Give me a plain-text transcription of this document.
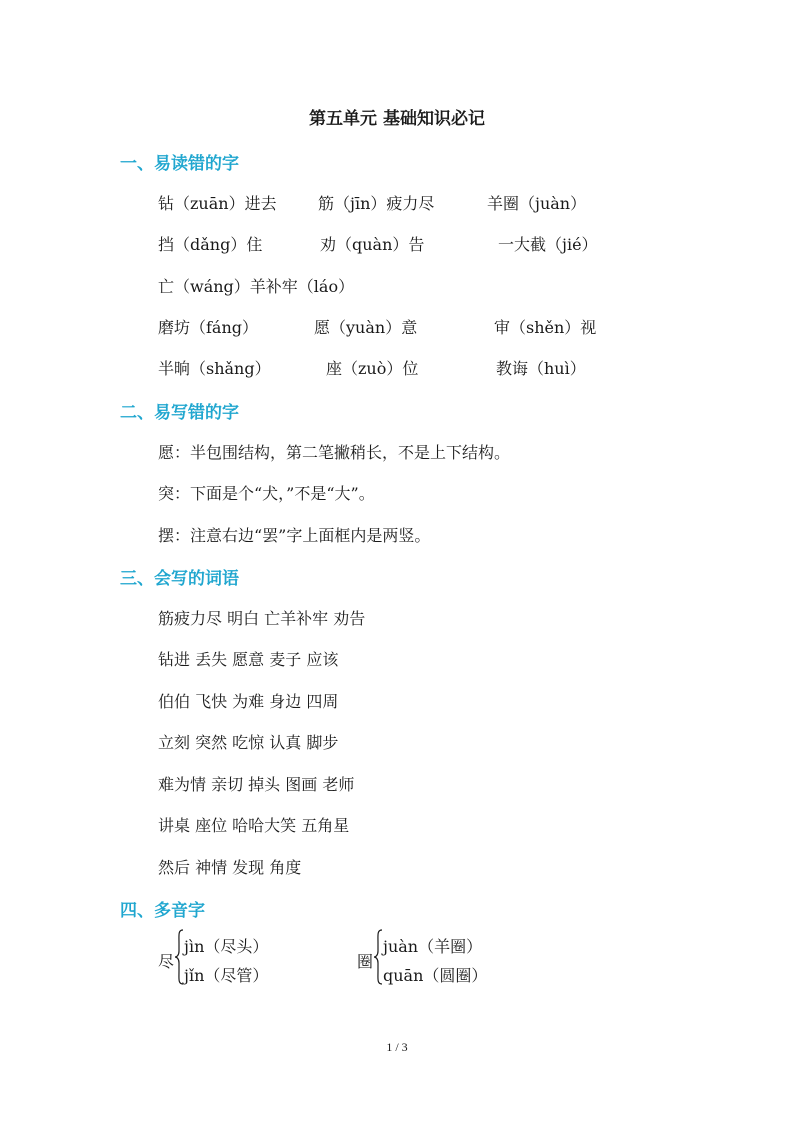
第五单元 基础知识必记
一、易读错的字
钻（zuān）进去	筋（jīn）疲力尽	羊圈（juàn）
挡（dǎng）住	劝（quàn）告	一大截（jié）
亡（wáng）羊补牢（láo）
磨坊（fáng）	愿（yuàn）意	审（shěn）视
半晌（shǎng）	座（zuò）位	教诲（huì）
二、易写错的字
愿：半包围结构，第二笔撇稍长，不是上下结构。
突：下面是个“犬，”不是“大”。
摆：注意右边“罢”字上面框内是两竖。
三、会写的词语
筋疲力尽 明白 亡羊补牢 劝告
钻进 丢失 愿意 麦子 应该
伯伯 飞快 为难 身边 四周
立刻 突然 吃惊 认真 脚步
难为情 亲切 掉头 图画 老师
讲桌 座位 哈哈大笑 五角星
然后 神情 发现 角度
四、多音字
尽
jìn（尽头）
jǐn（尽管）
圈
juàn（羊圈）
quān（圆圈）
1 / 3
